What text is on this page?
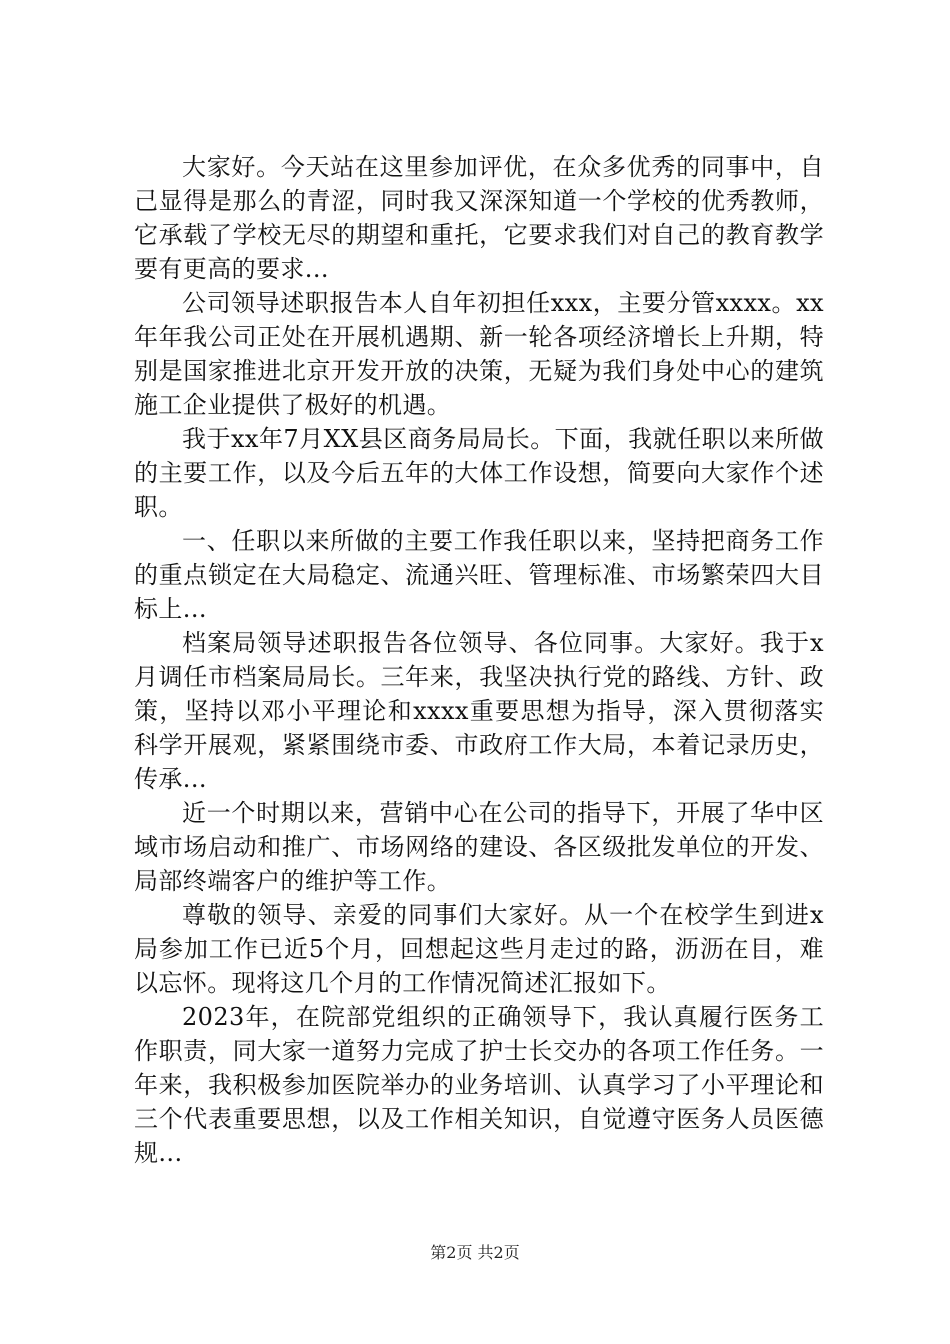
大家好。今天站在这里参加评优，在众多优秀的同事中，自己显得是那么的青涩，同时我又深深知道一个学校的优秀教师，它承载了学校无尽的期望和重托，它要求我们对自己的教育教学要有更高的要求...

公司领导述职报告本人自年初担任xxx，主要分管xxxx。xx年年我公司正处在开展机遇期、新一轮各项经济增长上升期，特别是国家推进北京开发开放的决策，无疑为我们身处中心的建筑施工企业提供了极好的机遇。

我于xx年7月XX县区商务局局长。下面，我就任职以来所做的主要工作，以及今后五年的大体工作设想，简要向大家作个述职。

一、任职以来所做的主要工作我任职以来，坚持把商务工作的重点锁定在大局稳定、流通兴旺、管理标准、市场繁荣四大目标上...

档案局领导述职报告各位领导、各位同事。大家好。我于x月调任市档案局局长。三年来，我坚决执行党的路线、方针、政策，坚持以邓小平理论和xxxx重要思想为指导，深入贯彻落实科学开展观，紧紧围绕市委、市政府工作大局，本着记录历史，传承...

近一个时期以来，营销中心在公司的指导下，开展了华中区域市场启动和推广、市场网络的建设、各区级批发单位的开发、局部终端客户的维护等工作。

尊敬的领导、亲爱的同事们大家好。从一个在校学生到进x局参加工作已近5个月，回想起这些月走过的路，沥沥在目，难以忘怀。现将这几个月的工作情况简述汇报如下。

2023年，在院部党组织的正确领导下，我认真履行医务工作职责，同大家一道努力完成了护士长交办的各项工作任务。一年来，我积极参加医院举办的业务培训、认真学习了小平理论和三个代表重要思想，以及工作相关知识，自觉遵守医务人员医德规...

第2页 共2页
